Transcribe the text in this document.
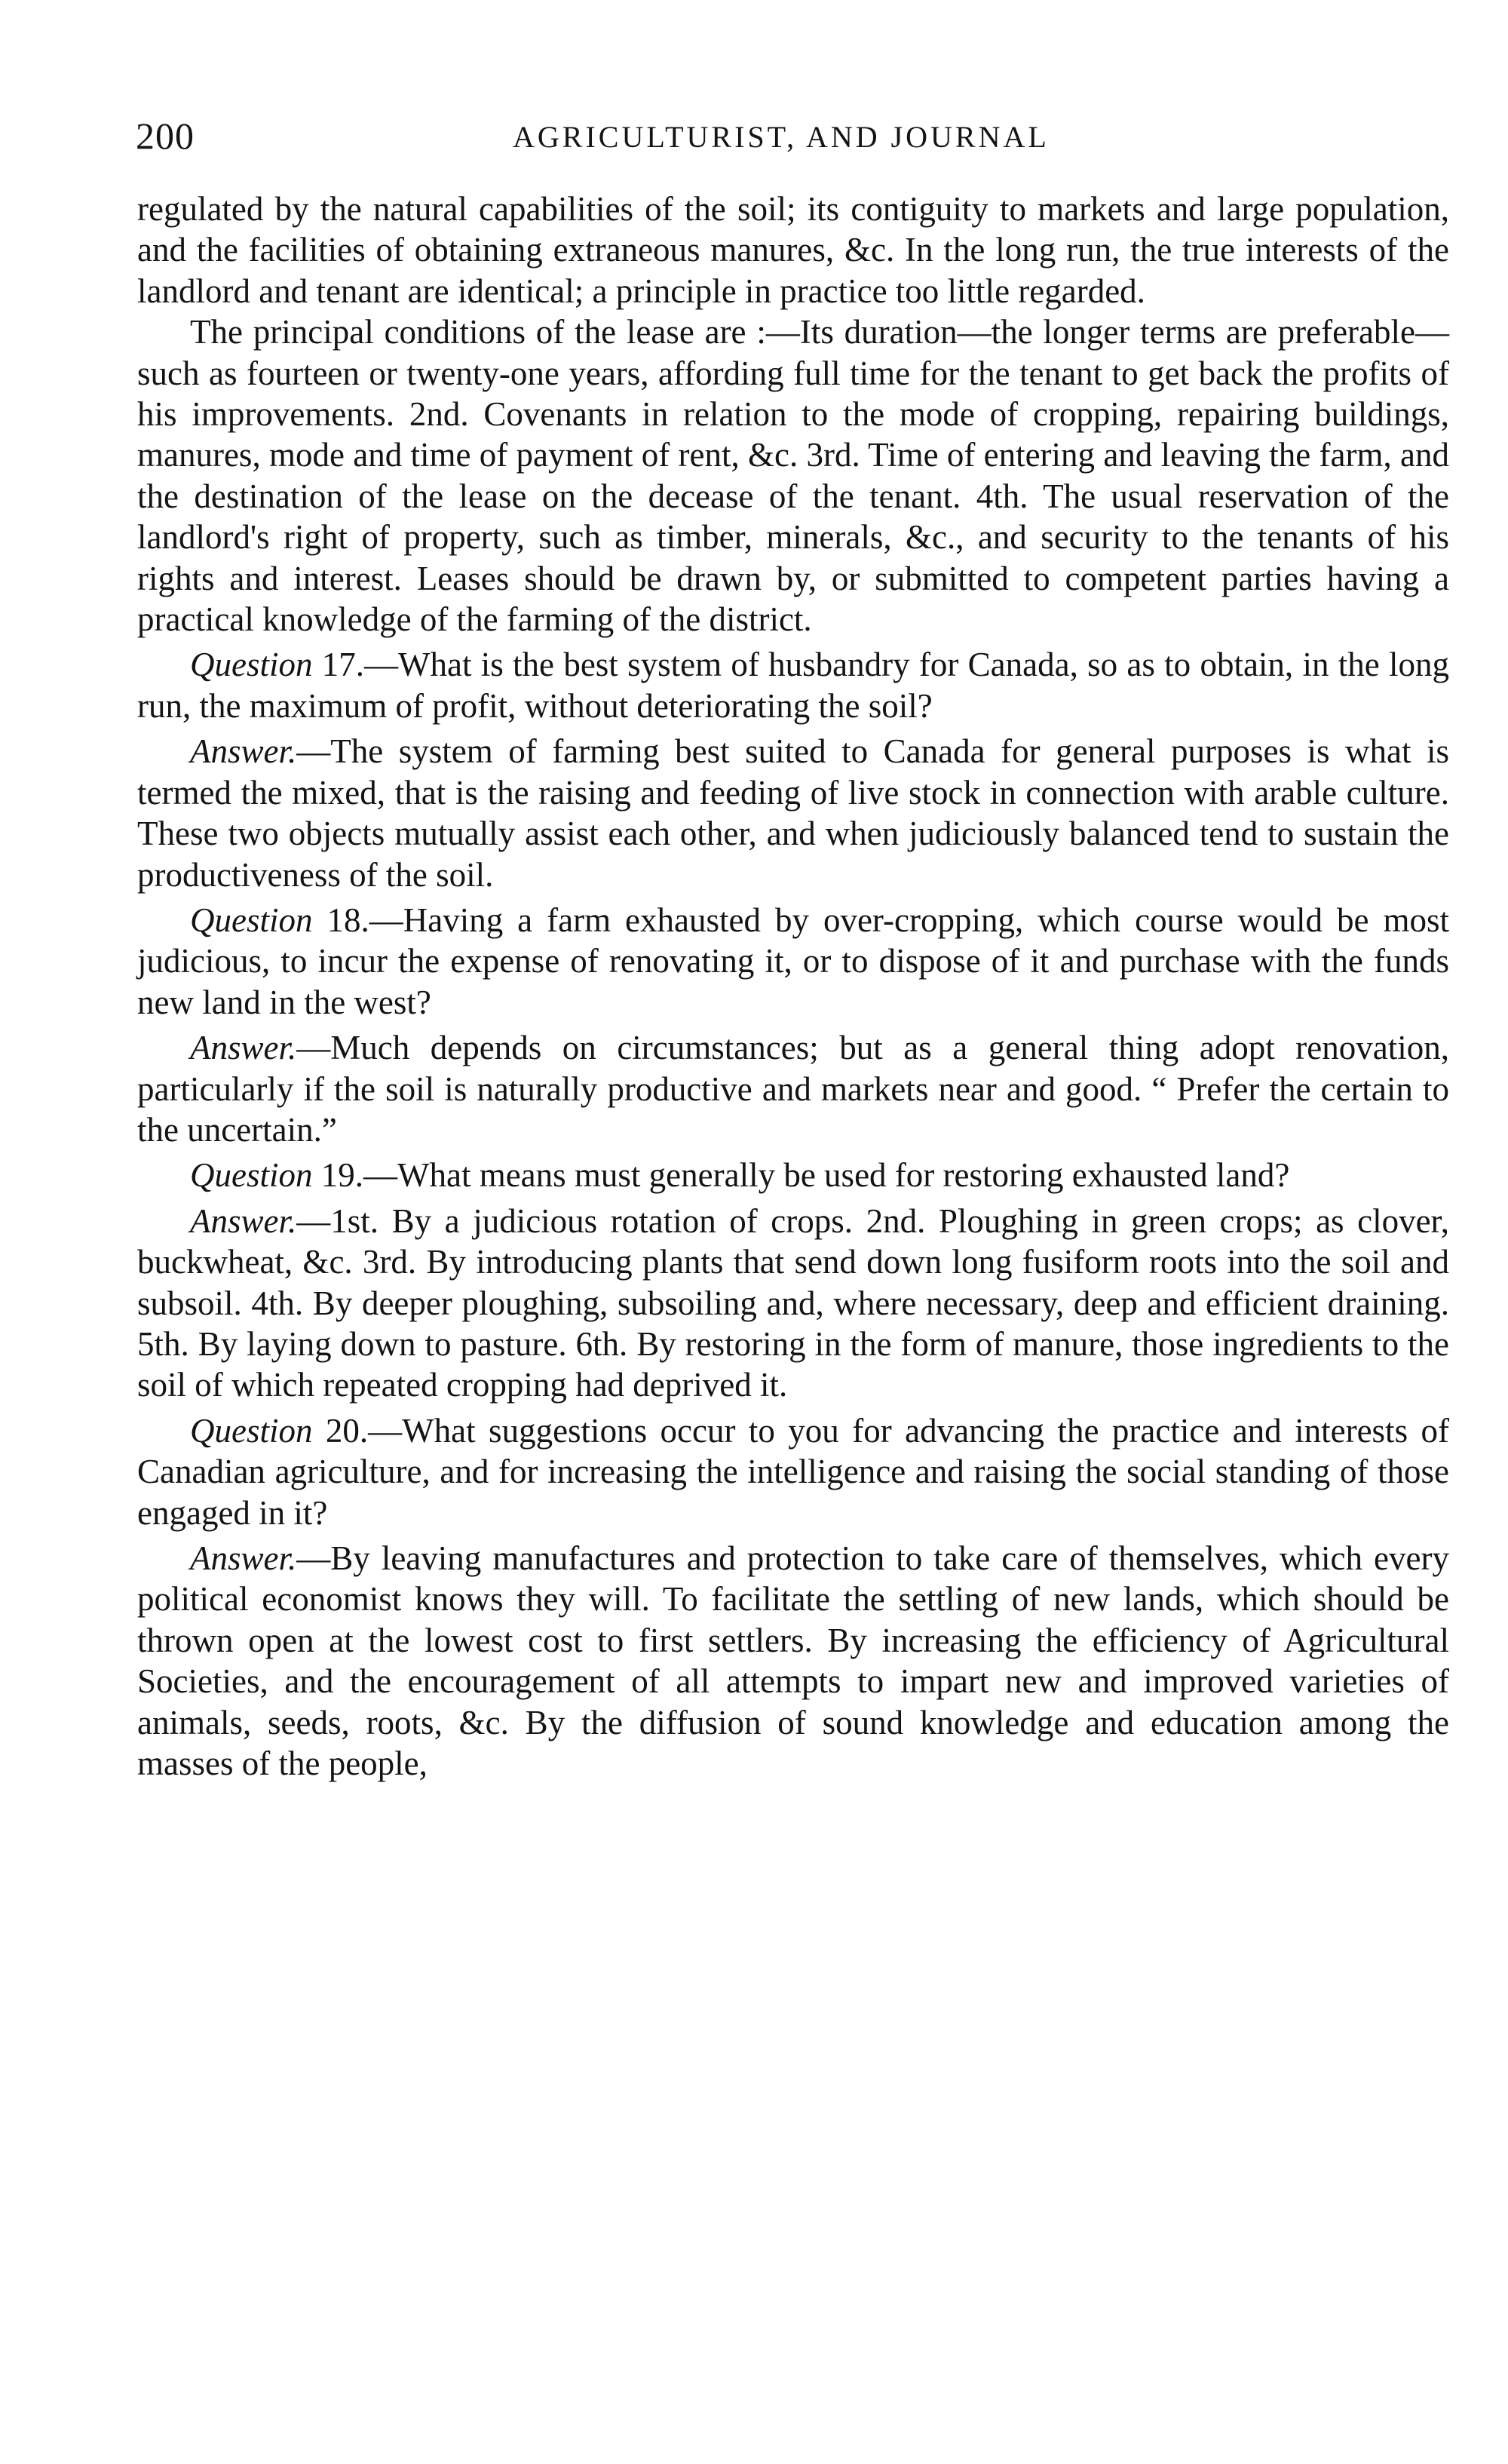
200	AGRICULTURIST, AND JOURNAL

regulated by the natural capabilities of the soil; its contiguity to markets and large population, and the facilities of obtaining extraneous manures, &c. In the long run, the true interests of the landlord and tenant are identical; a principle in practice too little regarded.

The principal conditions of the lease are :—Its duration—the longer terms are preferable—such as fourteen or twenty-one years, affording full time for the tenant to get back the profits of his improvements. 2nd. Covenants in relation to the mode of cropping, repairing buildings, manures, mode and time of payment of rent, &c. 3rd. Time of entering and leaving the farm, and the destination of the lease on the decease of the tenant. 4th. The usual reservation of the landlord's right of property, such as timber, minerals, &c., and security to the tenants of his rights and interest. Leases should be drawn by, or submitted to competent parties having a practical knowledge of the farming of the district.

Question 17.—What is the best system of husbandry for Canada, so as to obtain, in the long run, the maximum of profit, without deteriorating the soil?

Answer.—The system of farming best suited to Canada for general purposes is what is termed the mixed, that is the raising and feeding of live stock in connection with arable culture. These two objects mutually assist each other, and when judiciously balanced tend to sustain the productiveness of the soil.

Question 18.—Having a farm exhausted by over-cropping, which course would be most judicious, to incur the expense of renovating it, or to dispose of it and purchase with the funds new land in the west?

Answer.—Much depends on circumstances; but as a general thing adopt renovation, particularly if the soil is naturally productive and markets near and good. “ Prefer the certain to the uncertain.”

Question 19.—What means must generally be used for restoring exhausted land?

Answer.—1st. By a judicious rotation of crops. 2nd. Ploughing in green crops; as clover, buckwheat, &c. 3rd. By introducing plants that send down long fusiform roots into the soil and subsoil. 4th. By deeper ploughing, subsoiling and, where necessary, deep and efficient draining. 5th. By laying down to pasture. 6th. By restoring in the form of manure, those ingredients to the soil of which repeated cropping had deprived it.

Question 20.—What suggestions occur to you for advancing the practice and interests of Canadian agriculture, and for increasing the intelligence and raising the social standing of those engaged in it?

Answer.—By leaving manufactures and protection to take care of themselves, which every political economist knows they will. To facilitate the settling of new lands, which should be thrown open at the lowest cost to first settlers. By increasing the efficiency of Agricultural Societies, and the encouragement of all attempts to impart new and improved varieties of animals, seeds, roots, &c. By the diffusion of sound knowledge and education among the masses of the people,
